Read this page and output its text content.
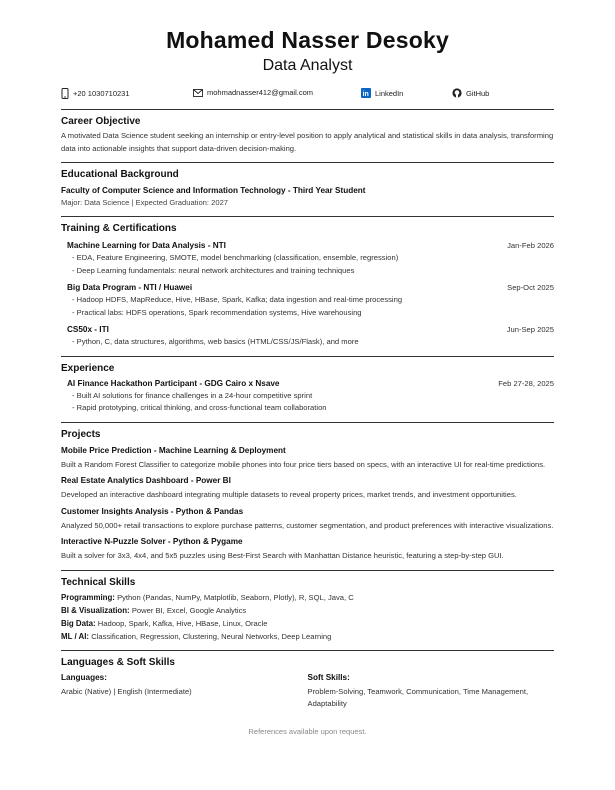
Mohamed Nasser Desoky
Data Analyst
+20 1030710231	mohmadnasser412@gmail.com	in LinkedIn	GitHub
Career Objective
A motivated Data Science student seeking an internship or entry-level position to apply analytical and statistical skills in data analysis, transforming data into actionable insights that support data-driven decision-making.
Educational Background
Faculty of Computer Science and Information Technology - Third Year Student
Major: Data Science | Expected Graduation: 2027
Training & Certifications
Machine Learning for Data Analysis - NTI	Jan-Feb 2026
- EDA, Feature Engineering, SMOTE, model benchmarking (classification, ensemble, regression)
- Deep Learning fundamentals: neural network architectures and training techniques
Big Data Program - NTI / Huawei	Sep-Oct 2025
- Hadoop HDFS, MapReduce, Hive, HBase, Spark, Kafka; data ingestion and real-time processing
- Practical labs: HDFS operations, Spark recommendation systems, Hive warehousing
CS50x - ITI	Jun-Sep 2025
- Python, C, data structures, algorithms, web basics (HTML/CSS/JS/Flask), and more
Experience
AI Finance Hackathon Participant - GDG Cairo x Nsave	Feb 27-28, 2025
- Built AI solutions for finance challenges in a 24-hour competitive sprint
- Rapid prototyping, critical thinking, and cross-functional team collaboration
Projects
Mobile Price Prediction - Machine Learning & Deployment
Built a Random Forest Classifier to categorize mobile phones into four price tiers based on specs, with an interactive UI for real-time predictions.
Real Estate Analytics Dashboard - Power BI
Developed an interactive dashboard integrating multiple datasets to reveal property prices, market trends, and investment opportunities.
Customer Insights Analysis - Python & Pandas
Analyzed 50,000+ retail transactions to explore purchase patterns, customer segmentation, and product preferences with interactive visualizations.
Interactive N-Puzzle Solver - Python & Pygame
Built a solver for 3x3, 4x4, and 5x5 puzzles using Best-First Search with Manhattan Distance heuristic, featuring a step-by-step GUI.
Technical Skills
Programming: Python (Pandas, NumPy, Matplotlib, Seaborn, Plotly), R, SQL, Java, C
BI & Visualization: Power BI, Excel, Google Analytics
Big Data: Hadoop, Spark, Kafka, Hive, HBase, Linux, Oracle
ML / AI: Classification, Regression, Clustering, Neural Networks, Deep Learning
Languages & Soft Skills
Languages:
Arabic (Native) | English (Intermediate)
Soft Skills:
Problem-Solving, Teamwork, Communication, Time Management, Adaptability
References available upon request.
